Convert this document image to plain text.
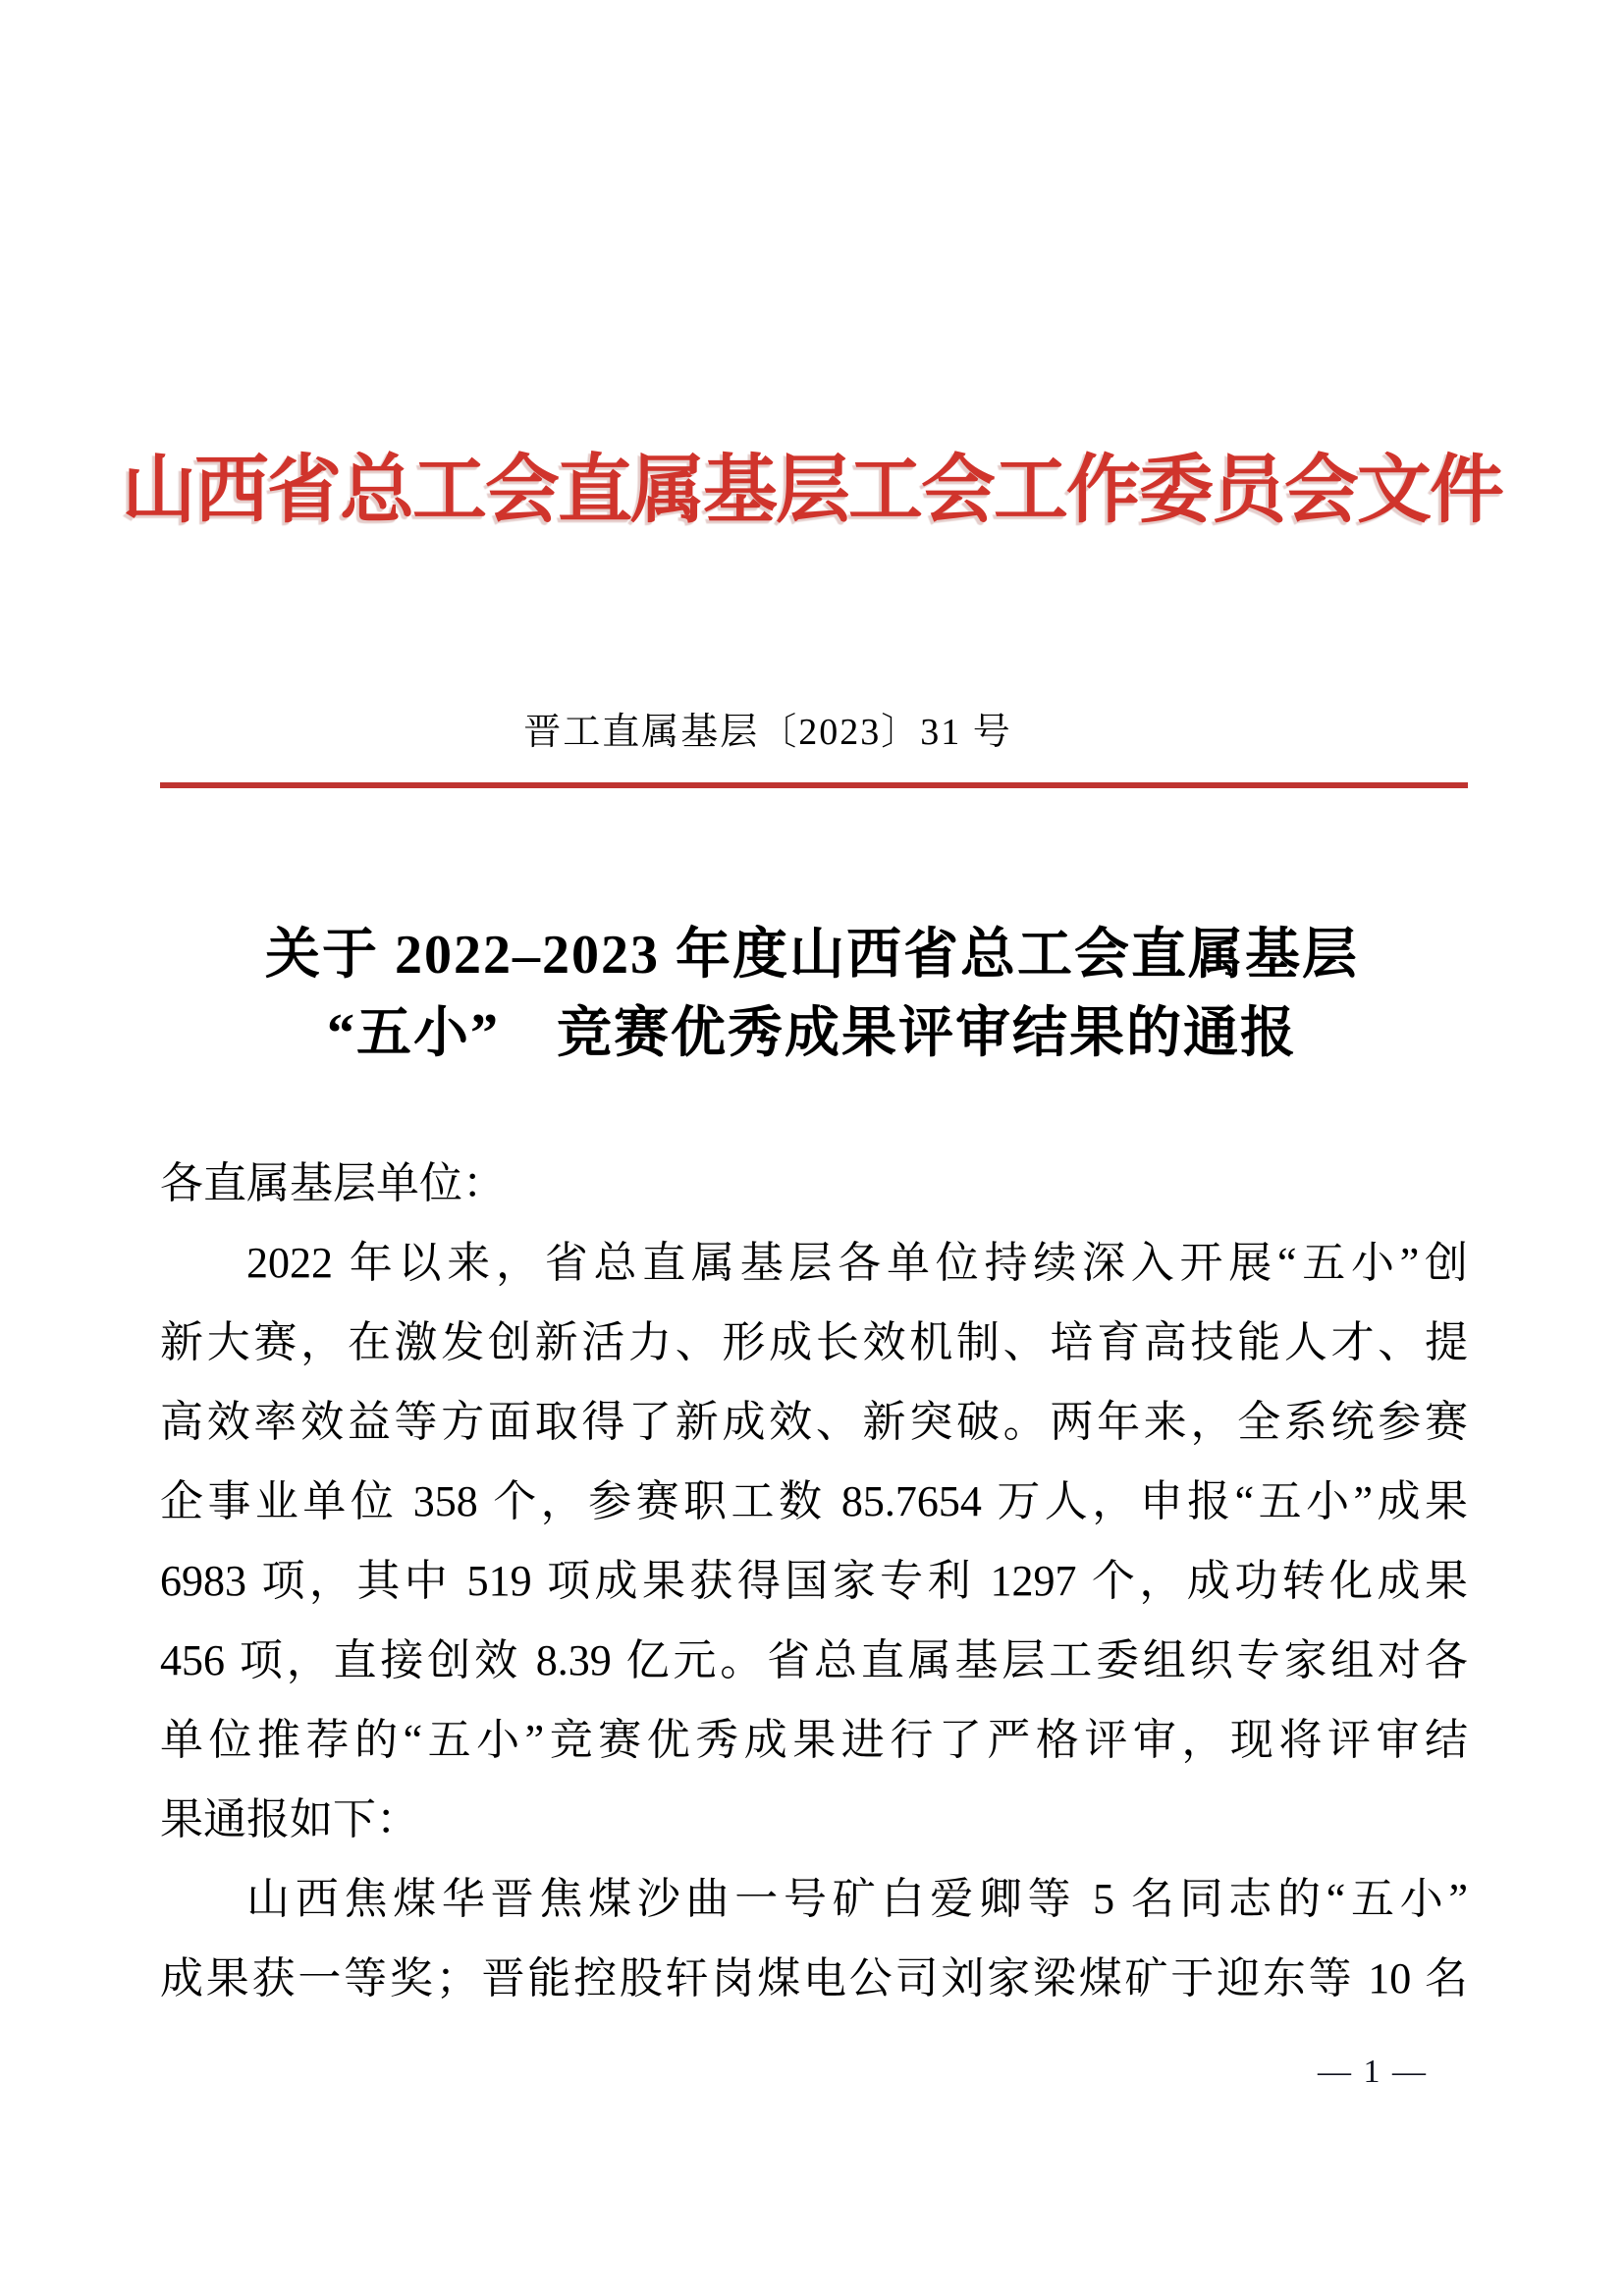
山西省总工会直属基层工会工作委员会文件
晋工直属基层〔2023〕31 号
关于 2022–2023 年度山西省总工会直属基层
“五小”　竞赛优秀成果评审结果的通报
各直属基层单位：
2022 年以来，省总直属基层各单位持续深入开展“五小”创
新大赛，在激发创新活力、形成长效机制、培育高技能人才、提
高效率效益等方面取得了新成效、新突破。两年来，全系统参赛
企事业单位 358 个，参赛职工数 85.7654 万人，申报“五小”成果
6983 项，其中 519 项成果获得国家专利 1297 个，成功转化成果
456 项，直接创效 8.39 亿元。省总直属基层工委组织专家组对各
单位推荐的“五小”竞赛优秀成果进行了严格评审，现将评审结
果通报如下：
山西焦煤华晋焦煤沙曲一号矿白爱卿等 5 名同志的“五小”
成果获一等奖；晋能控股轩岗煤电公司刘家梁煤矿于迎东等 10 名
— 1 —
